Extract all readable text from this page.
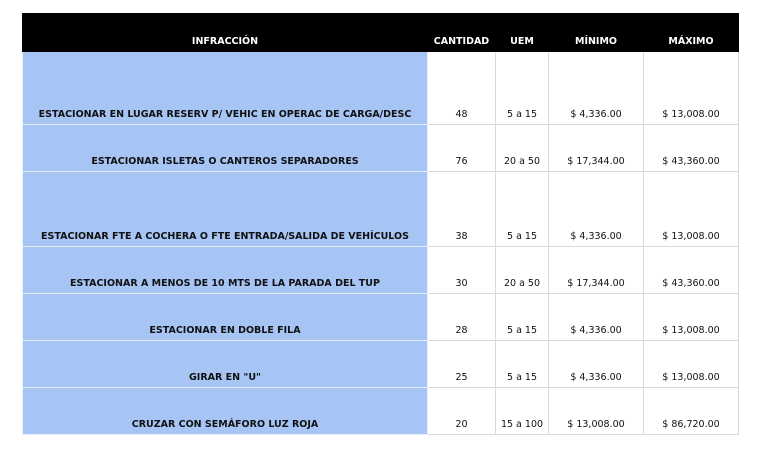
INFRACCIÓN	CANTIDAD	UEM	MÍNIMO	MÁXIMO
ESTACIONAR EN LUGAR RESERV P/ VEHIC EN OPERAC DE CARGA/DESC	48	5 a 15	$ 4,336.00	$ 13,008.00
ESTACIONAR ISLETAS O CANTEROS SEPARADORES	76	20 a 50	$ 17,344.00	$ 43,360.00
ESTACIONAR FTE A COCHERA O FTE ENTRADA/SALIDA DE VEHÍCULOS	38	5 a 15	$ 4,336.00	$ 13,008.00
ESTACIONAR A MENOS DE 10 MTS DE LA PARADA DEL TUP	30	20 a 50	$ 17,344.00	$ 43,360.00
ESTACIONAR EN DOBLE FILA	28	5 a 15	$ 4,336.00	$ 13,008.00
GIRAR EN "U"	25	5 a 15	$ 4,336.00	$ 13,008.00
CRUZAR CON SEMÁFORO LUZ ROJA	20	15 a 100	$ 13,008.00	$ 86,720.00
